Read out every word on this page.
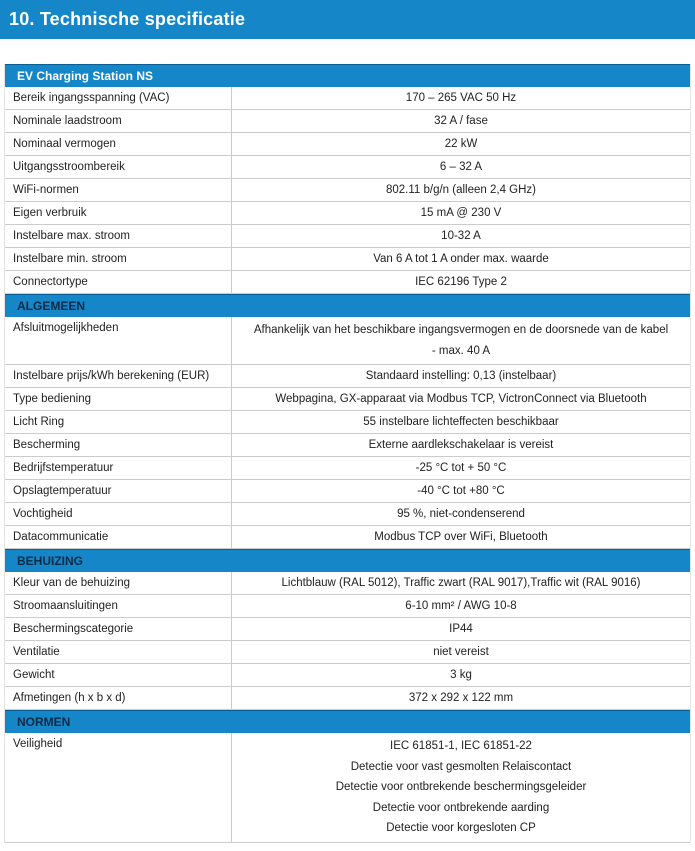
10. Technische specificatie
EV Charging Station NS
Bereik ingangsspanning (VAC)	170 – 265 VAC 50 Hz
Nominale laadstroom	32 A / fase
Nominaal vermogen	22 kW
Uitgangsstroombereik	6 – 32 A
WiFi-normen	802.11 b/g/n (alleen 2,4 GHz)
Eigen verbruik	15 mA @ 230 V
Instelbare max. stroom	10-32 A
Instelbare min. stroom	Van 6 A tot 1 A onder max. waarde
Connectortype	IEC 62196 Type 2
ALGEMEEN
Afsluitmogelijkheden	Afhankelijk van het beschikbare ingangsvermogen en de doorsnede van de kabel
- max. 40 A
Instelbare prijs/kWh berekening (EUR)	Standaard instelling: 0,13 (instelbaar)
Type bediening	Webpagina, GX-apparaat via Modbus TCP, VictronConnect via Bluetooth
Licht Ring	55 instelbare lichteffecten beschikbaar
Bescherming	Externe aardlekschakelaar is vereist
Bedrijfstemperatuur	-25 °C tot + 50 °C
Opslagtemperatuur	-40 °C tot +80 °C
Vochtigheid	95 %, niet-condenserend
Datacommunicatie	Modbus TCP over WiFi, Bluetooth
BEHUIZING
Kleur van de behuizing	Lichtblauw (RAL 5012), Traffic zwart (RAL 9017),Traffic wit (RAL 9016)
Stroomaansluitingen	6-10 mm² / AWG 10-8
Beschermingscategorie	IP44
Ventilatie	niet vereist
Gewicht	3 kg
Afmetingen (h x b x d)	372 x 292 x 122 mm
NORMEN
Veiligheid	IEC 61851-1, IEC 61851-22
Detectie voor vast gesmolten Relaiscontact
Detectie voor ontbrekende beschermingsgeleider
Detectie voor ontbrekende aarding
Detectie voor korgesloten CP
